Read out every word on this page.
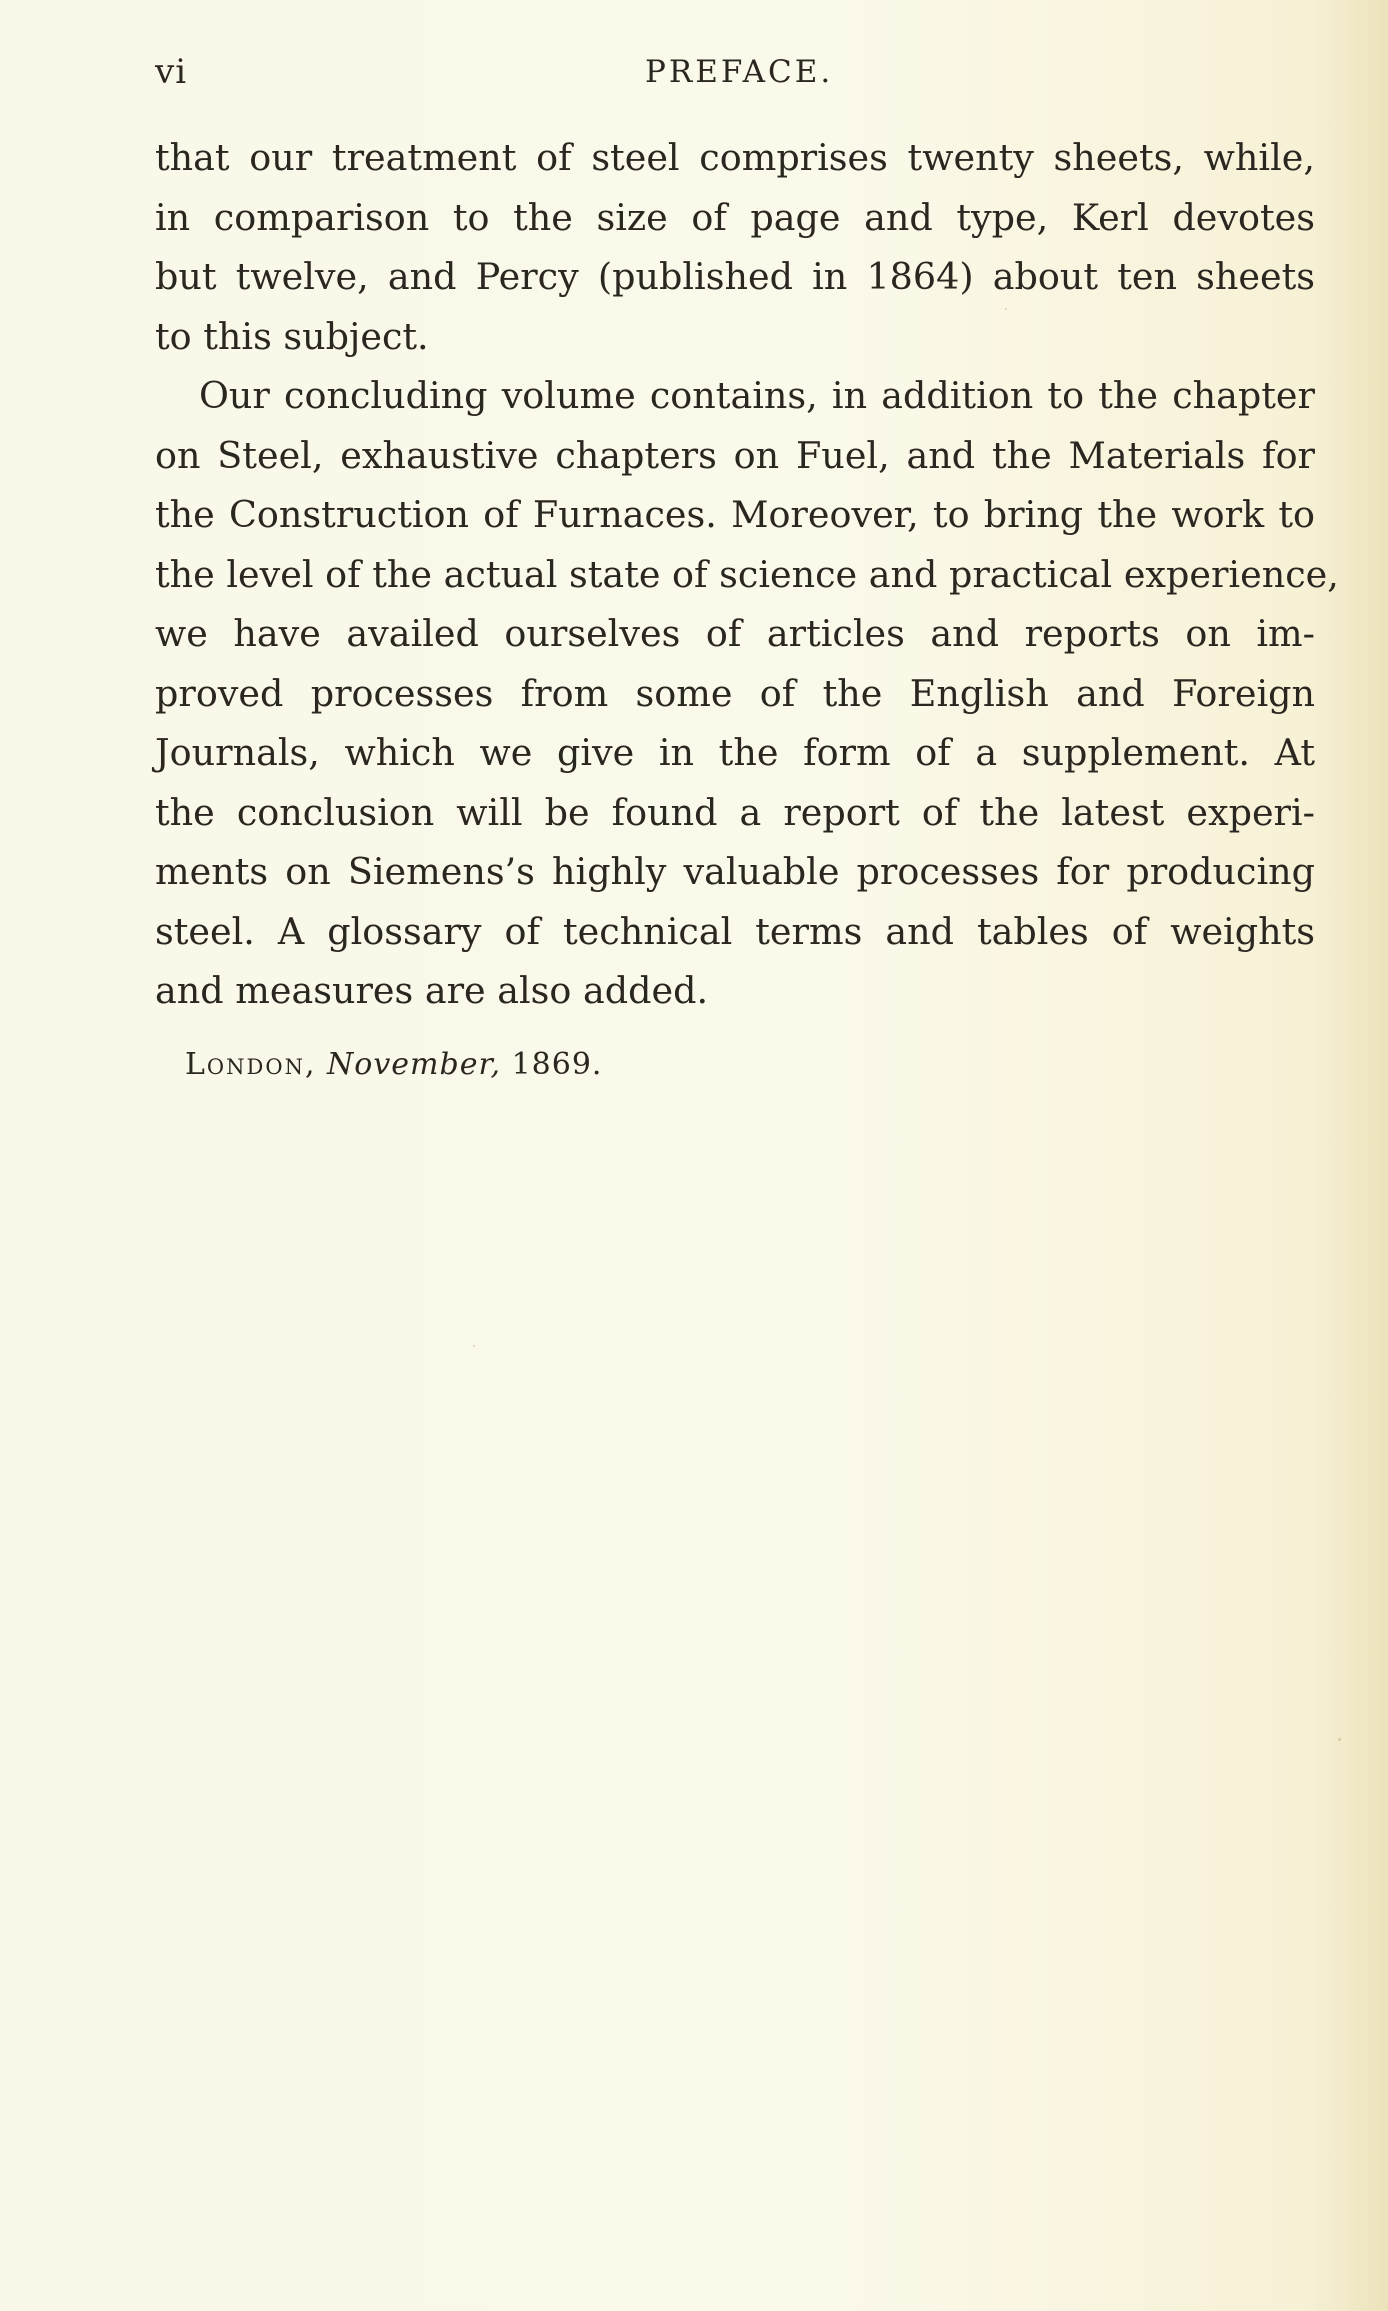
vi	PREFACE.

that our treatment of steel comprises twenty sheets, while,
in comparison to the size of page and type, Kerl devotes
but twelve, and Percy (published in 1864) about ten sheets
to this subject.

Our concluding volume contains, in addition to the chapter
on Steel, exhaustive chapters on Fuel, and the Materials for
the Construction of Furnaces. Moreover, to bring the work to
the level of the actual state of science and practical experience,
we have availed ourselves of articles and reports on im-
proved processes from some of the English and Foreign
Journals, which we give in the form of a supplement. At
the conclusion will be found a report of the latest experi-
ments on Siemens’s highly valuable processes for producing
steel. A glossary of technical terms and tables of weights
and measures are also added.

London, November, 1869.
